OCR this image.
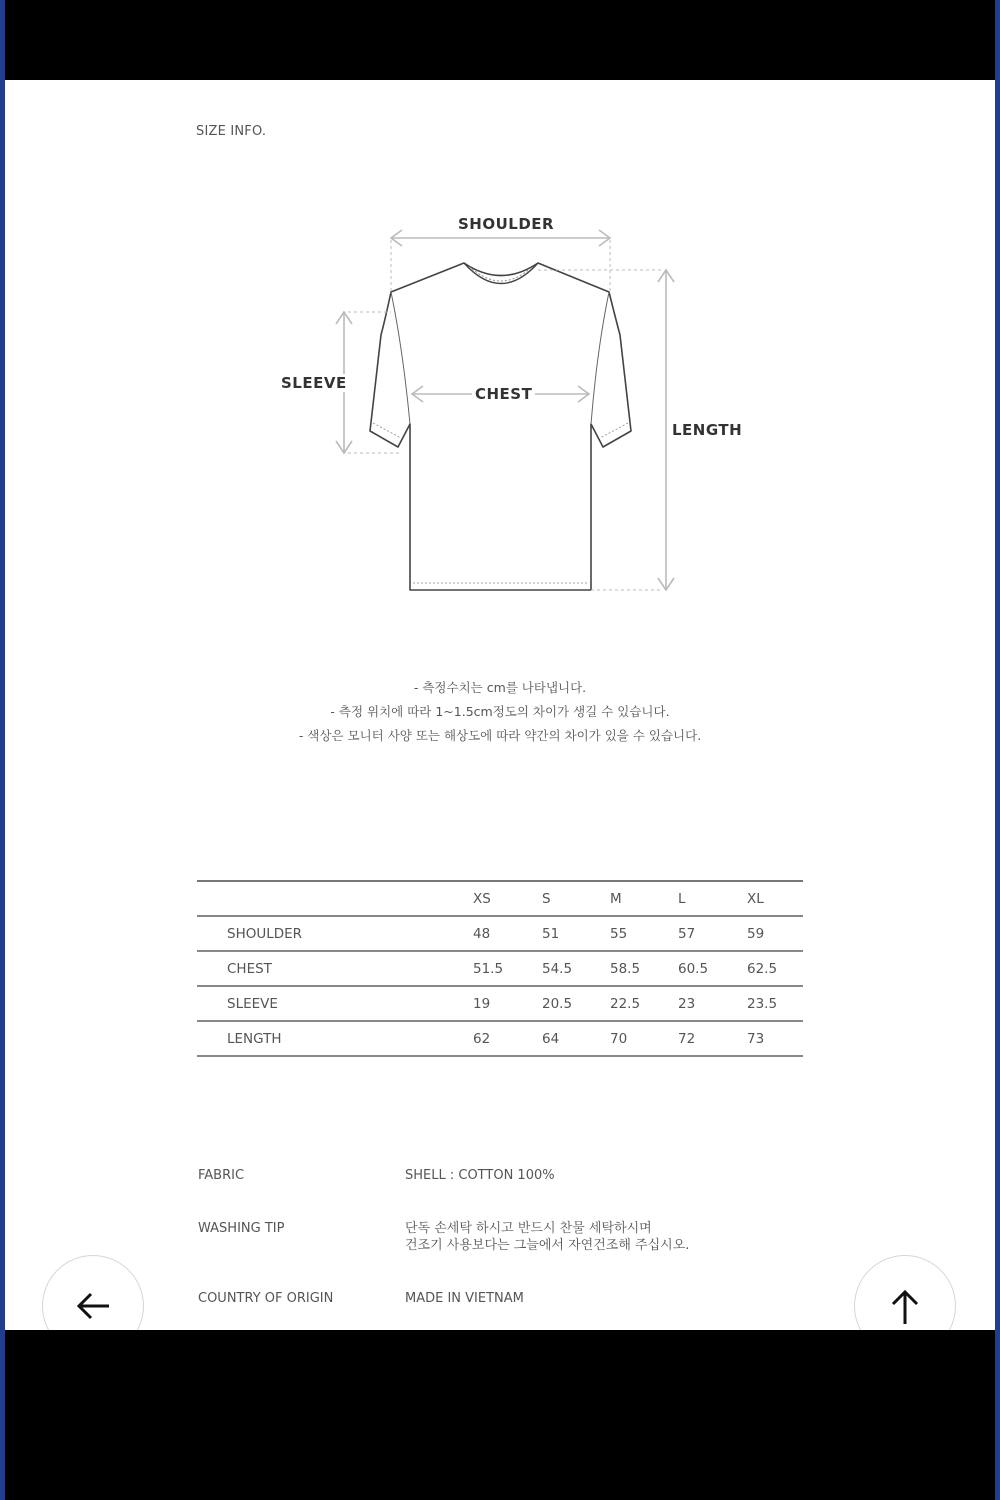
SIZE INFO.
SHOULDER
SLEEVE
CHEST
LENGTH
- 측정수치는 cm를 나타냅니다.
- 측정 위치에 따라 1~1.5cm정도의 차이가 생길 수 있습니다.
- 색상은 모니터 사양 또는 해상도에 따라 약간의 차이가 있을 수 있습니다.
	XS	S	M	L	XL
SHOULDER	48	51	55	57	59
CHEST	51.5	54.5	58.5	60.5	62.5
SLEEVE	19	20.5	22.5	23	23.5
LENGTH	62	64	70	72	73
FABRIC	SHELL : COTTON 100%
WASHING TIP	단독 손세탁 하시고 반드시 찬물 세탁하시며
건조기 사용보다는 그늘에서 자연건조해 주십시오.
COUNTRY OF ORIGIN	MADE IN VIETNAM
